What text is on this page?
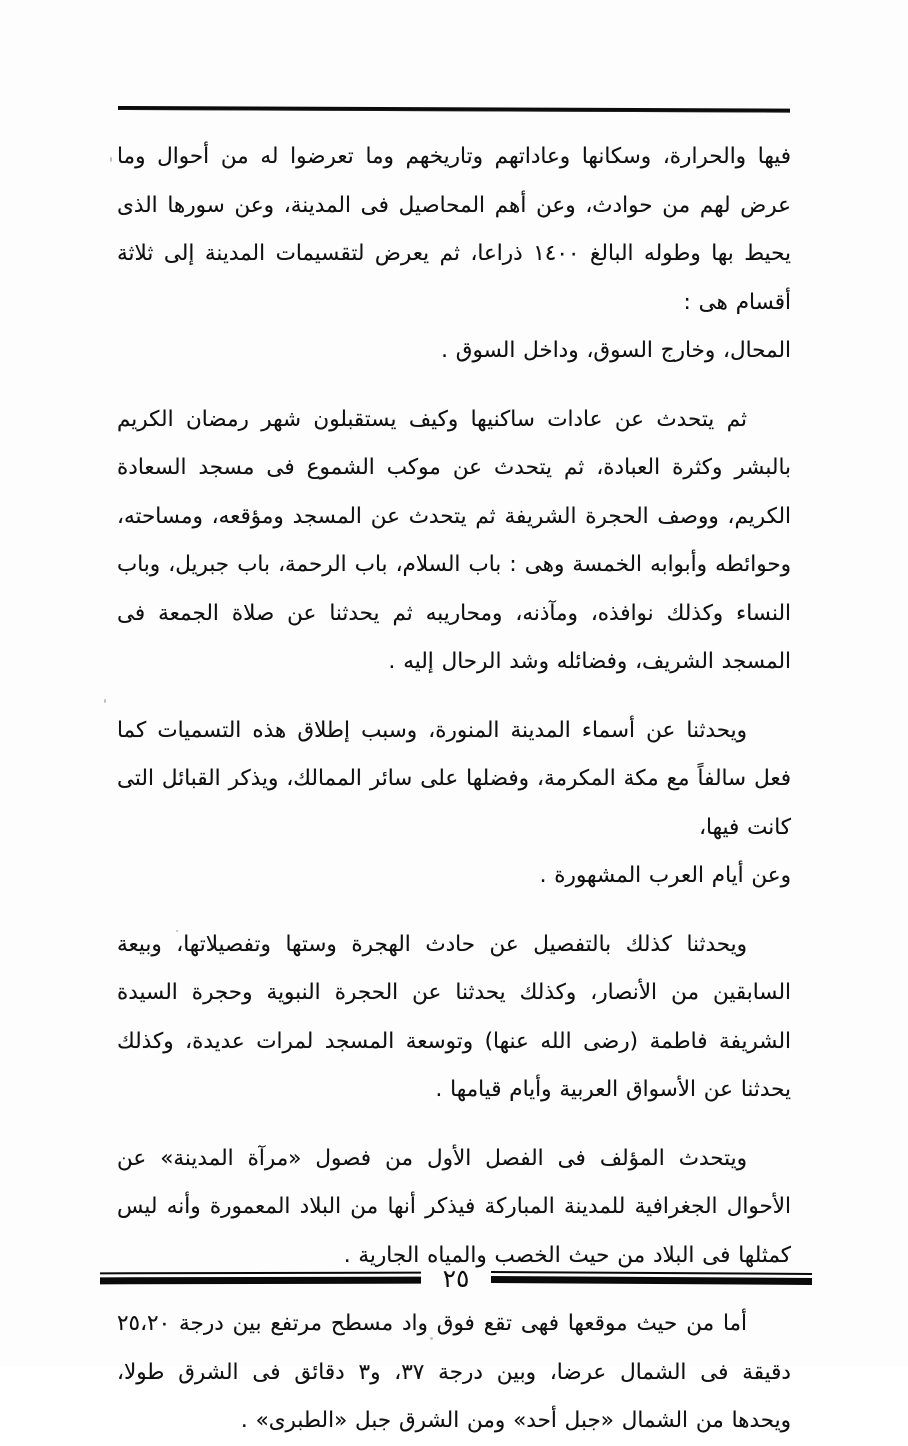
فيها والحرارة، وسكانها وعاداتهم وتاريخهم وما تعرضوا له من أحوال وما عرض لهم من حوادث، وعن أهم المحاصيل فى المدينة، وعن سورها الذى يحيط بها وطوله البالغ ١٤٠٠ ذراعا، ثم يعرض لتقسيمات المدينة إلى ثلاثة أقسام هى :
المحال، وخارج السوق، وداخل السوق .

ثم يتحدث عن عادات ساكنيها وكيف يستقبلون شهر رمضان الكريم بالبشر وكثرة العبادة، ثم يتحدث عن موكب الشموع فى مسجد السعادة الكريم، ووصف الحجرة الشريفة ثم يتحدث عن المسجد ومؤقعه، ومساحته، وحوائطه وأبوابه الخمسة وهى : باب السلام، باب الرحمة، باب جبريل، وباب النساء وكذلك نوافذه، ومآذنه، ومحاريبه ثم يحدثنا عن صلاة الجمعة فى المسجد الشريف، وفضائله وشد الرحال إليه .

ويحدثنا عن أسماء المدينة المنورة، وسبب إطلاق هذه التسميات كما فعل سالفاً مع مكة المكرمة، وفضلها على سائر الممالك، ويذكر القبائل التى كانت فيها،
وعن أيام العرب المشهورة .

ويحدثنا كذلك بالتفصيل عن حادث الهجرة وستها وتفصيلاتها، وبيعة السابقين من الأنصار، وكذلك يحدثنا عن الحجرة النبوية وحجرة السيدة الشريفة فاطمة (رضى الله عنها) وتوسعة المسجد لمرات عديدة، وكذلك يحدثنا عن الأسواق العربية وأيام قيامها .

ويتحدث المؤلف فى الفصل الأول من فصول «مرآة المدينة» عن الأحوال الجغرافية للمدينة المباركة فيذكر أنها من البلاد المعمورة وأنه ليس كمثلها فى البلاد من حيث الخصب والمياه الجارية .

أما من حيث موقعها فهى تقع فوق واد مسطح مرتفع بين درجة ٢٥،٢٠ دقيقة فى الشمال عرضا، وبين درجة ٣٧، و٣ دقائق فى الشرق طولا، ويحدها من الشمال «جبل أحد» ومن الشرق جبل «الطبرى» .

٢٥
